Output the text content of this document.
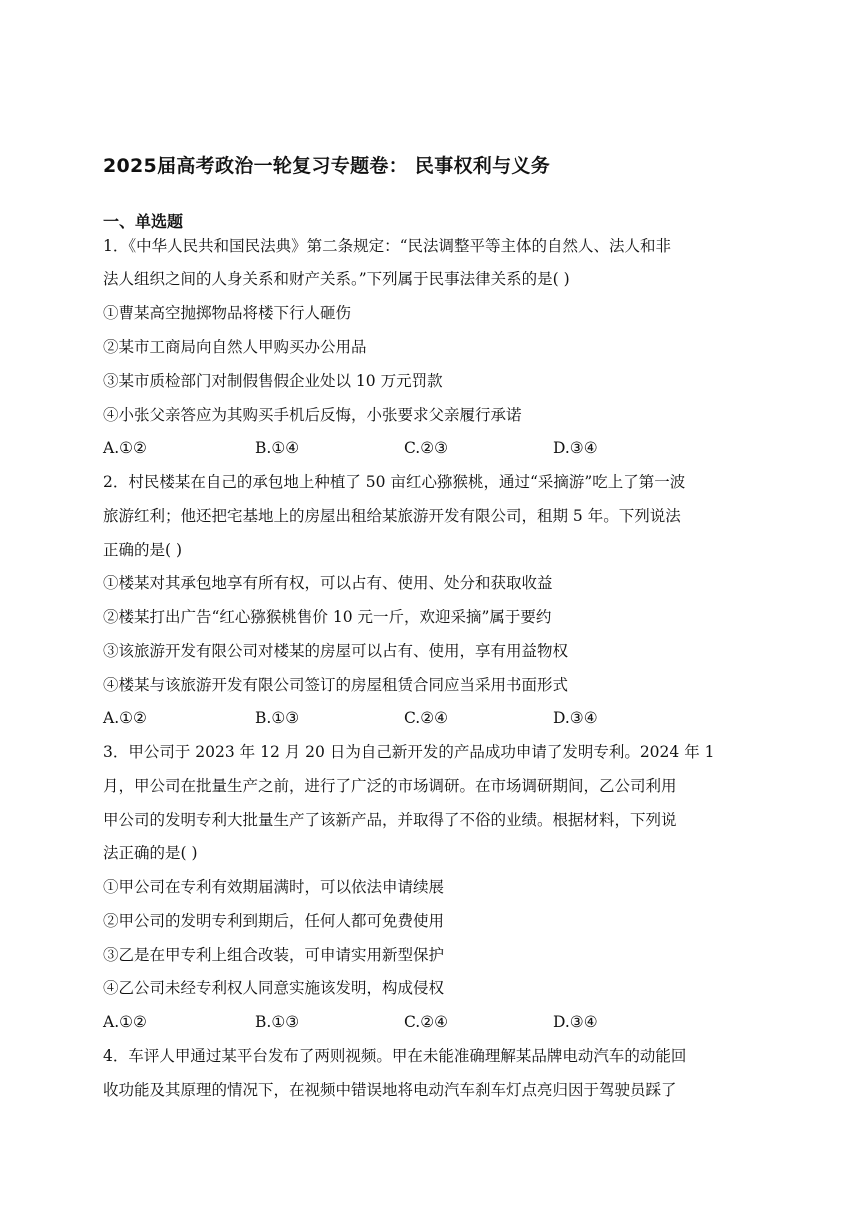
2025届高考政治一轮复习专题卷： 民事权利与义务
一、单选题
1．《中华人民共和国民法典》第二条规定：“民法调整平等主体的自然人、法人和非
法人组织之间的人身关系和财产关系。”下列属于民事法律关系的是( )
①曹某高空抛掷物品将楼下行人砸伤
②某市工商局向自然人甲购买办公用品
③某市质检部门对制假售假企业处以 10 万元罚款
④小张父亲答应为其购买手机后反悔，小张要求父亲履行承诺
A.①②	B.①④	C.②③	D.③④
2．村民楼某在自己的承包地上种植了 50 亩红心猕猴桃，通过“采摘游”吃上了第一波
旅游红利；他还把宅基地上的房屋出租给某旅游开发有限公司，租期 5 年。下列说法
正确的是( )
①楼某对其承包地享有所有权，可以占有、使用、处分和获取收益
②楼某打出广告“红心猕猴桃售价 10 元一斤，欢迎采摘”属于要约
③该旅游开发有限公司对楼某的房屋可以占有、使用，享有用益物权
④楼某与该旅游开发有限公司签订的房屋租赁合同应当采用书面形式
A.①②	B.①③	C.②④	D.③④
3．甲公司于 2023 年 12 月 20 日为自己新开发的产品成功申请了发明专利。2024 年 1
月，甲公司在批量生产之前，进行了广泛的市场调研。在市场调研期间，乙公司利用
甲公司的发明专利大批量生产了该新产品，并取得了不俗的业绩。根据材料，下列说
法正确的是( )
①甲公司在专利有效期届满时，可以依法申请续展
②甲公司的发明专利到期后，任何人都可免费使用
③乙是在甲专利上组合改装，可申请实用新型保护
④乙公司未经专利权人同意实施该发明，构成侵权
A.①②	B.①③	C.②④	D.③④
4．车评人甲通过某平台发布了两则视频。甲在未能准确理解某品牌电动汽车的动能回
收功能及其原理的情况下，在视频中错误地将电动汽车刹车灯点亮归因于驾驶员踩了
